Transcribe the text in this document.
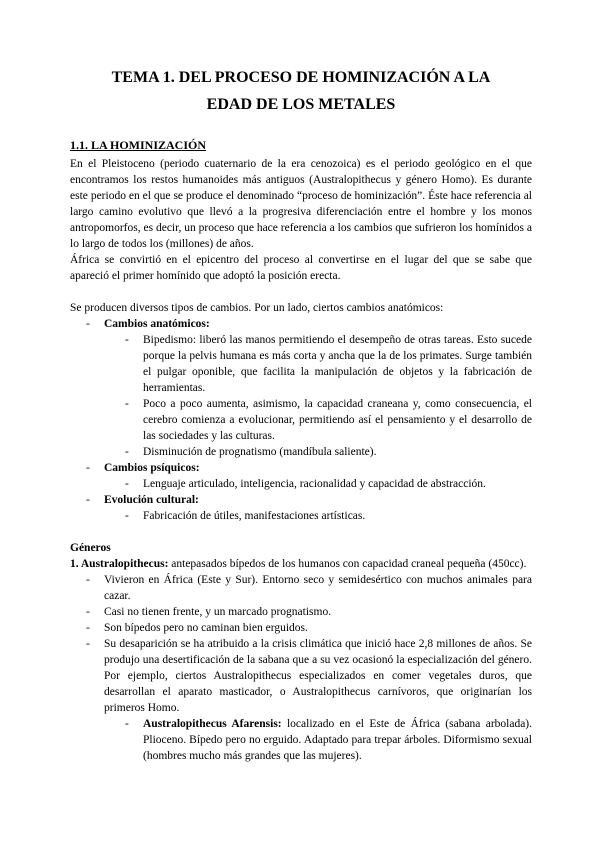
TEMA 1. DEL PROCESO DE HOMINIZACIÓN A LA
EDAD DE LOS METALES
1.1. LA HOMINIZACIÓN

En el Pleistoceno (periodo cuaternario de la era cenozoica) es el periodo geológico en el que encontramos los restos humanoides más antiguos (Australopithecus y género Homo). Es durante este periodo en el que se produce el denominado “proceso de hominización”. Éste hace referencia al largo camino evolutivo que llevó a la progresiva diferenciación entre el hombre y los monos antropomorfos, es decir, un proceso que hace referencia a los cambios que sufrieron los homínidos a lo largo de todos los (millones) de años.

África se convirtió en el epicentro del proceso al convertirse en el lugar del que se sabe que apareció el primer homínido que adoptó la posición erecta.

Se producen diversos tipos de cambios. Por un lado, ciertos cambios anatómicos:

-	Cambios anatómicos:
-	Bipedismo: liberó las manos permitiendo el desempeño de otras tareas. Esto sucede porque la pelvis humana es más corta y ancha que la de los primates. Surge también el pulgar oponible, que facilita la manipulación de objetos y la fabricación de herramientas.
-	Poco a poco aumenta, asimismo, la capacidad craneana y, como consecuencia, el cerebro comienza a evolucionar, permitiendo así el pensamiento y el desarrollo de las sociedades y las culturas.
-	Disminución de prognatismo (mandíbula saliente).
-	Cambios psíquicos:
-	Lenguaje articulado, inteligencia, racionalidad y capacidad de abstracción.
-	Evolución cultural:
-	Fabricación de útiles, manifestaciones artísticas.

Géneros

1. Australopithecus: antepasados bípedos de los humanos con capacidad craneal pequeña (450cc).

-	Vivieron en África (Este y Sur). Entorno seco y semidesértico con muchos animales para cazar.
-	Casi no tienen frente, y un marcado prognatismo.
-	Son bípedos pero no caminan bien erguidos.
-	Su desaparición se ha atribuido a la crisis climática que inició hace 2,8 millones de años. Se produjo una desertificación de la sabana que a su vez ocasionó la especialización del género. Por ejemplo, ciertos Australopithecus especializados en comer vegetales duros, que desarrollan el aparato masticador, o Australopithecus carnívoros, que originarían los primeros Homo.
-	Australopithecus Afarensis: localizado en el Este de África (sabana arbolada). Plioceno. Bípedo pero no erguido. Adaptado para trepar árboles. Diformismo sexual (hombres mucho más grandes que las mujeres).
